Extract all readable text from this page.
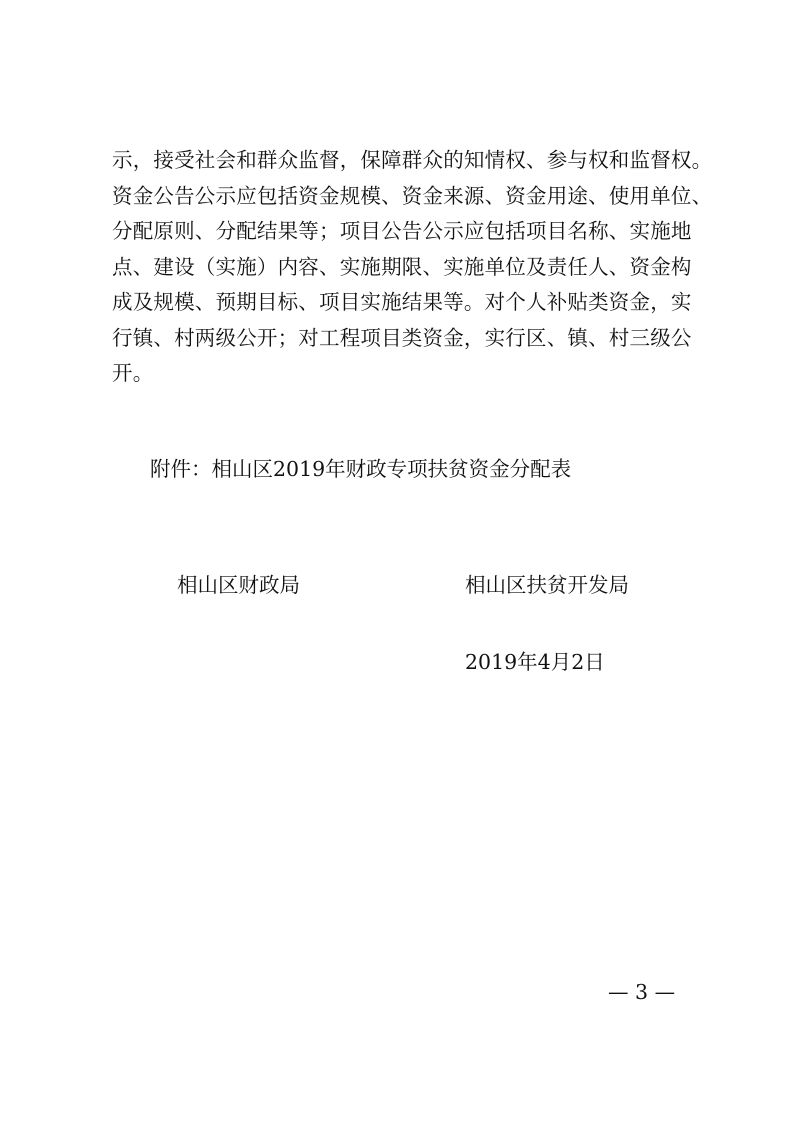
示，接受社会和群众监督，保障群众的知情权、参与权和监督权。
资金公告公示应包括资金规模、资金来源、资金用途、使用单位、
分配原则、分配结果等；项目公告公示应包括项目名称、实施地
点、建设（实施）内容、实施期限、实施单位及责任人、资金构
成及规模、预期目标、项目实施结果等。对个人补贴类资金，实
行镇、村两级公开；对工程项目类资金，实行区、镇、村三级公
开。
附件：相山区2019年财政专项扶贫资金分配表
相山区财政局	相山区扶贫开发局
2019年4月2日
— 3 —
